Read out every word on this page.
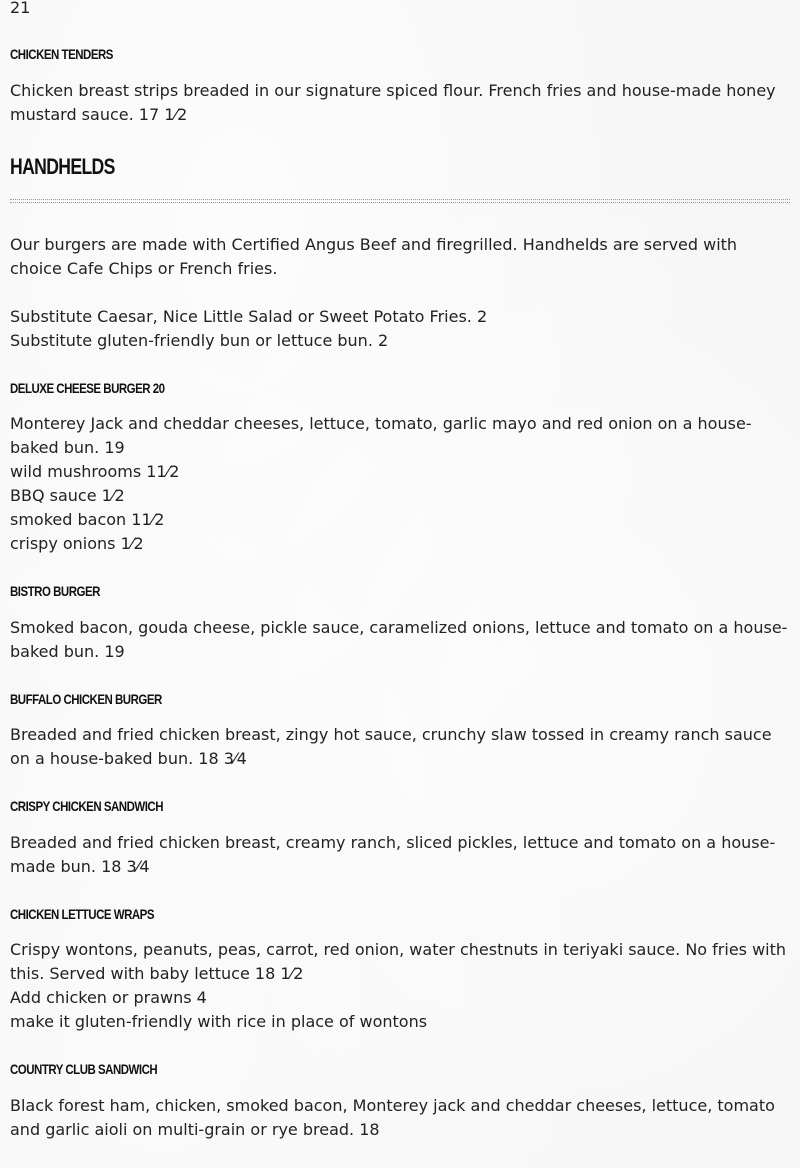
21

CHICKEN TENDERS

Chicken breast strips breaded in our signature spiced flour. French fries and house-made honey mustard sauce. 17 1⁄2

HANDHELDS

Our burgers are made with Certified Angus Beef and firegrilled. Handhelds are served with choice Cafe Chips or French fries.

Substitute Caesar, Nice Little Salad or Sweet Potato Fries. 2
Substitute gluten-friendly bun or lettuce bun. 2

DELUXE CHEESE BURGER 20

Monterey Jack and cheddar cheeses, lettuce, tomato, garlic mayo and red onion on a house-baked bun. 19
wild mushrooms 11⁄2
BBQ sauce 1⁄2
smoked bacon 11⁄2
crispy onions 1⁄2

BISTRO BURGER

Smoked bacon, gouda cheese, pickle sauce, caramelized onions, lettuce and tomato on a house-baked bun. 19

BUFFALO CHICKEN BURGER

Breaded and fried chicken breast, zingy hot sauce, crunchy slaw tossed in creamy ranch sauce on a house-baked bun. 18 3⁄4

CRISPY CHICKEN SANDWICH

Breaded and fried chicken breast, creamy ranch, sliced pickles, lettuce and tomato on a house-made bun. 18 3⁄4

CHICKEN LETTUCE WRAPS

Crispy wontons, peanuts, peas, carrot, red onion, water chestnuts in teriyaki sauce. No fries with this. Served with baby lettuce 18 1⁄2
Add chicken or prawns 4
make it gluten-friendly with rice in place of wontons

COUNTRY CLUB SANDWICH

Black forest ham, chicken, smoked bacon, Monterey jack and cheddar cheeses, lettuce, tomato and garlic aioli on multi-grain or rye bread. 18
